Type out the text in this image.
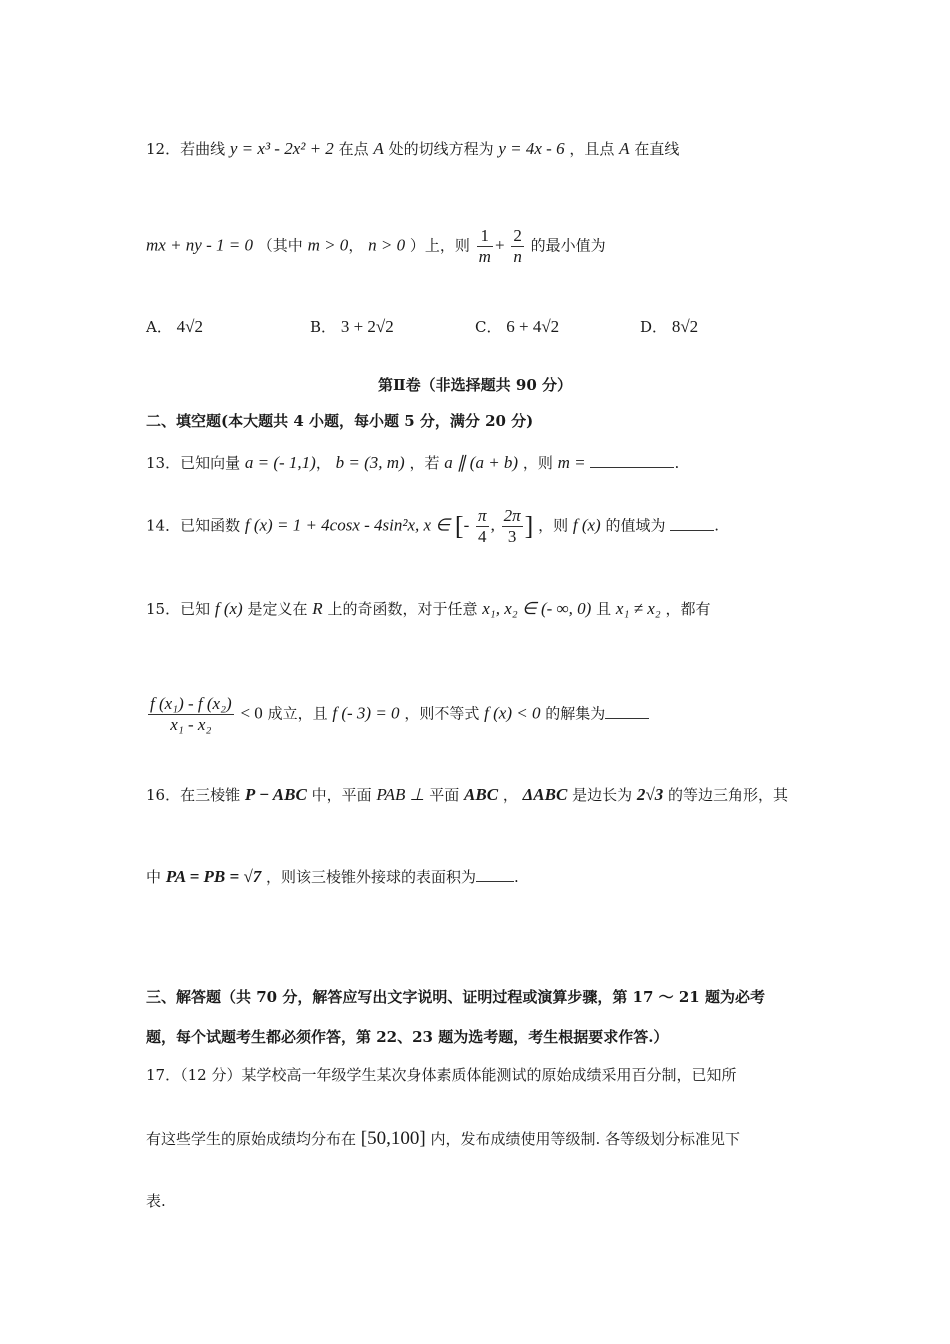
12．若曲线 y = x³ - 2x² + 2 在点 A 处的切线方程为 y = 4x - 6 ，且点 A 在直线
mx + ny - 1 = 0 （其中 m > 0， n > 0 ）上，则 $\frac{1}{m} + \frac{2}{n}$ 的最小值为
A． 4√2	B． 3 + 2√2	C． 6 + 4√2	D． 8√2
第Ⅱ卷（非选择题共 90 分）
二、填空题(本大题共 4 小题，每小题 5 分，满分 20 分)
13．已知向量 a = (- 1,1)， b = (3, m) ，若 a ∥ (a + b) ，则 m =	.
14．已知函数 f (x) = 1 + 4cosx - 4sin²x, x ∈ [- $\frac{\pi}{4}$ , $\frac{2\pi}{3}$ ] ，则 f (x) 的值域为	.
15．已知 f (x) 是定义在 R 上的奇函数，对于任意 x₁, x₂ ∈ (- ∞, 0) 且 x₁ ≠ x₂ ，都有
$\frac{\text{f (x₁) - f (x₂)}}{\text{x₁ - x₂}} < 0$ 成立，且 f (- 3) = 0 ，则不等式 f (x) < 0 的解集为
16．在三棱锥 P − ABC 中，平面 PAB ⊥ 平面 ABC ， ΔABC 是边长为 2√3 的等边三角形，其
中 PA = PB = √7 ，则该三棱锥外接球的表面积为	.
三、解答题（共 70 分，解答应写出文字说明、证明过程或演算步骤，第 17 ～ 21 题为必考
题，每个试题考生都必须作答，第 22、23 题为选考题，考生根据要求作答.）
17．（12 分）某学校高一年级学生某次身体素质体能测试的原始成绩采用百分制，已知所
有这些学生的原始成绩均分布在 [50,100] 内，发布成绩使用等级制. 各等级划分标准见下
表.
